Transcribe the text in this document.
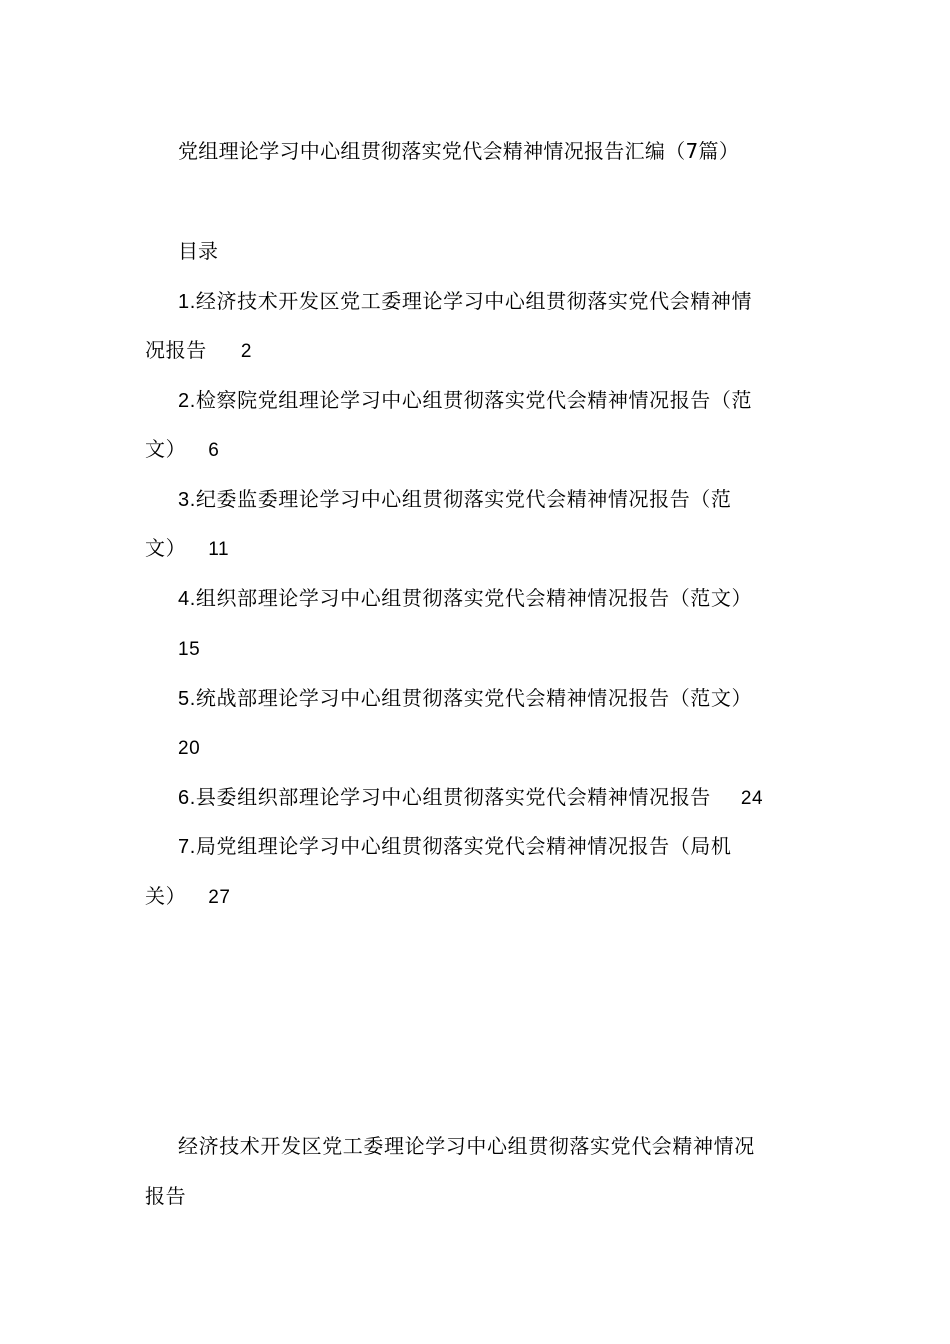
党组理论学习中心组贯彻落实党代会精神情况报告汇编（7篇）
目录
1.经济技术开发区党工委理论学习中心组贯彻落实党代会精神情
况报告 2
2.检察院党组理论学习中心组贯彻落实党代会精神情况报告（范
文） 6
3.纪委监委理论学习中心组贯彻落实党代会精神情况报告（范
文） 11
4.组织部理论学习中心组贯彻落实党代会精神情况报告（范文）
15
5.统战部理论学习中心组贯彻落实党代会精神情况报告（范文）
20
6.县委组织部理论学习中心组贯彻落实党代会精神情况报告 24
7.局党组理论学习中心组贯彻落实党代会精神情况报告（局机
关） 27
经济技术开发区党工委理论学习中心组贯彻落实党代会精神情况
报告
